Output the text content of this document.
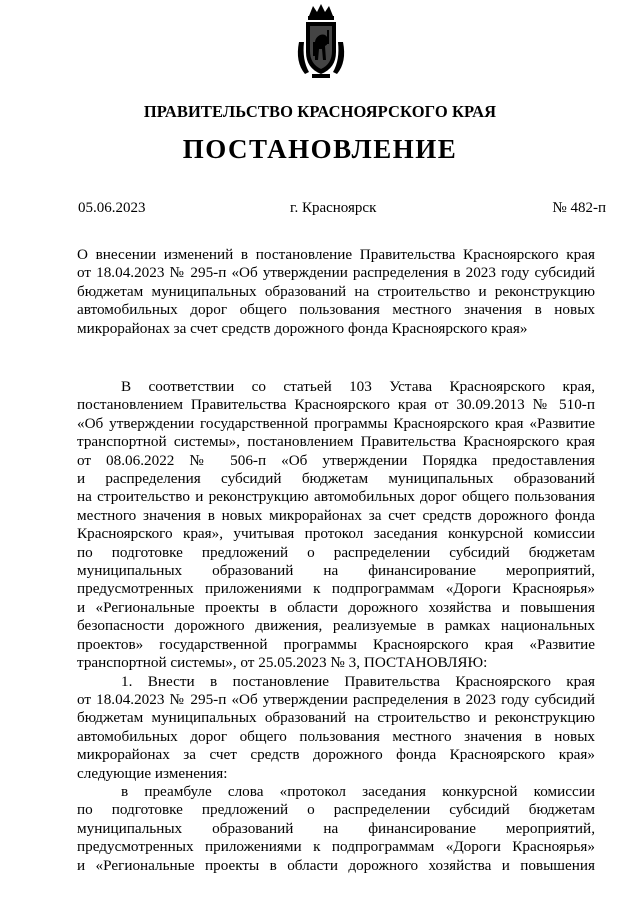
ПРАВИТЕЛЬСТВО КРАСНОЯРСКОГО КРАЯ
ПОСТАНОВЛЕНИЕ
05.06.2023	г. Красноярск	№ 482-п
О внесении изменений в постановление Правительства Красноярского края
от 18.04.2023 № 295-п «Об утверждении распределения в 2023 году субсидий
бюджетам муниципальных образований на строительство и реконструкцию
автомобильных дорог общего пользования местного значения в новых
микрорайонах за счет средств дорожного фонда Красноярского края»
В соответствии со статьей 103 Устава Красноярского края,
постановлением Правительства Красноярского края от 30.09.2013 № 510-п
«Об утверждении государственной программы Красноярского края «Развитие
транспортной системы», постановлением Правительства Красноярского края
от 08.06.2022 № 506-п «Об утверждении Порядка предоставления
и распределения субсидий бюджетам муниципальных образований
на строительство и реконструкцию автомобильных дорог общего пользования
местного значения в новых микрорайонах за счет средств дорожного фонда
Красноярского края», учитывая протокол заседания конкурсной комиссии
по подготовке предложений о распределении субсидий бюджетам
муниципальных образований на финансирование мероприятий,
предусмотренных приложениями к подпрограммам «Дороги Красноярья»
и «Региональные проекты в области дорожного хозяйства и повышения
безопасности дорожного движения, реализуемые в рамках национальных
проектов» государственной программы Красноярского края «Развитие
транспортной системы», от 25.05.2023 № 3, ПОСТАНОВЛЯЮ:
1. Внести в постановление Правительства Красноярского края
от 18.04.2023 № 295-п «Об утверждении распределения в 2023 году субсидий
бюджетам муниципальных образований на строительство и реконструкцию
автомобильных дорог общего пользования местного значения в новых
микрорайонах за счет средств дорожного фонда Красноярского края»
следующие изменения:
в преамбуле слова «протокол заседания конкурсной комиссии
по подготовке предложений о распределении субсидий бюджетам
муниципальных образований на финансирование мероприятий,
предусмотренных приложениями к подпрограммам «Дороги Красноярья»
и «Региональные проекты в области дорожного хозяйства и повышения
